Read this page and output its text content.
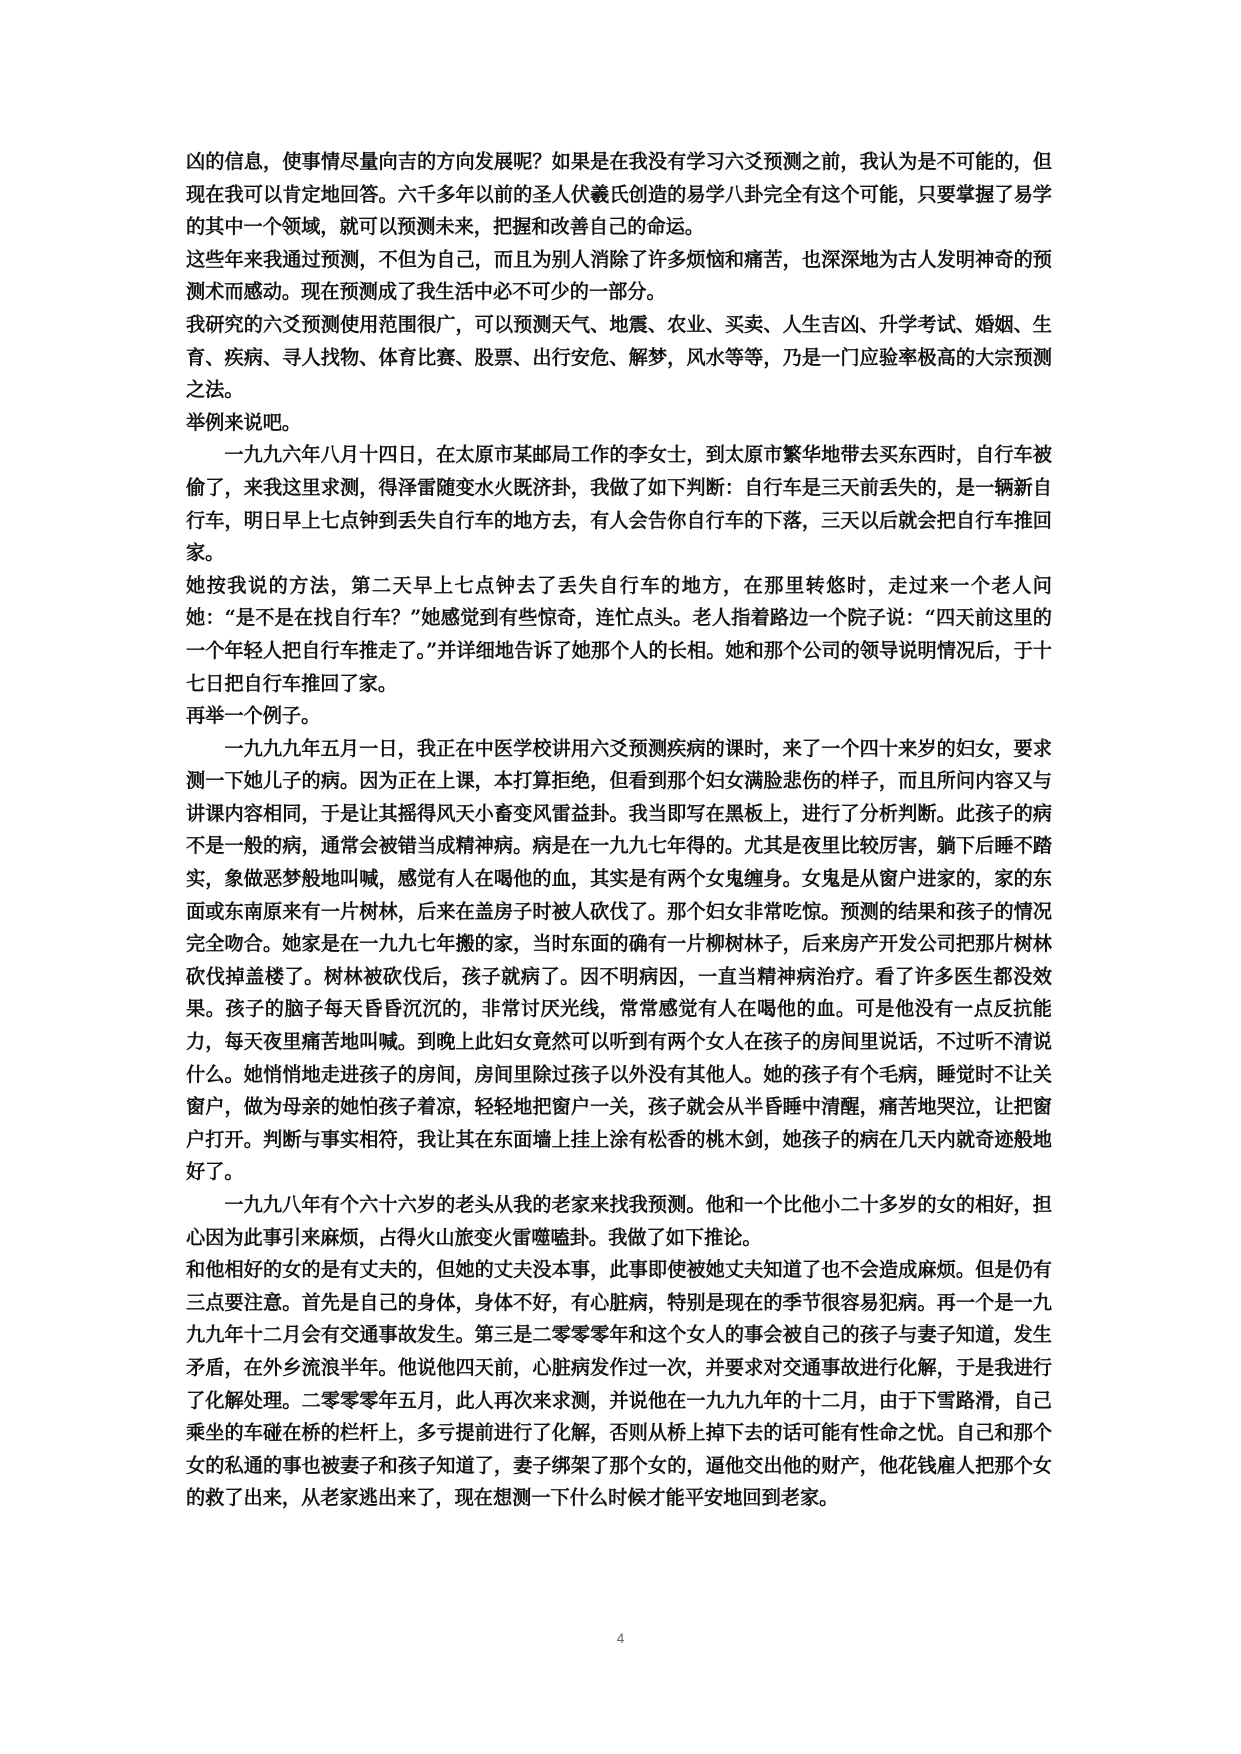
凶的信息，使事情尽量向吉的方向发展呢？如果是在我没有学习六爻预测之前，我认为是不可能的，但现在我可以肯定地回答。六千多年以前的圣人伏羲氏创造的易学八卦完全有这个可能，只要掌握了易学的其中一个领域，就可以预测未来，把握和改善自己的命运。

这些年来我通过预测，不但为自己，而且为别人消除了许多烦恼和痛苦，也深深地为古人发明神奇的预测术而感动。现在预测成了我生活中必不可少的一部分。

我研究的六爻预测使用范围很广，可以预测天气、地震、农业、买卖、人生吉凶、升学考试、婚姻、生育、疾病、寻人找物、体育比赛、股票、出行安危、解梦，风水等等，乃是一门应验率极高的大宗预测之法。

举例来说吧。

一九九六年八月十四日，在太原市某邮局工作的李女士，到太原市繁华地带去买东西时，自行车被偷了，来我这里求测，得泽雷随变水火既济卦，我做了如下判断：自行车是三天前丢失的，是一辆新自行车，明日早上七点钟到丢失自行车的地方去，有人会告你自行车的下落，三天以后就会把自行车推回家。

她按我说的方法，第二天早上七点钟去了丢失自行车的地方，在那里转悠时，走过来一个老人问她：“是不是在找自行车？”她感觉到有些惊奇，连忙点头。老人指着路边一个院子说：“四天前这里的一个年轻人把自行车推走了。”并详细地告诉了她那个人的长相。她和那个公司的领导说明情况后，于十七日把自行车推回了家。

再举一个例子。

一九九九年五月一日，我正在中医学校讲用六爻预测疾病的课时，来了一个四十来岁的妇女，要求测一下她儿子的病。因为正在上课，本打算拒绝，但看到那个妇女满脸悲伤的样子，而且所问内容又与讲课内容相同，于是让其摇得风天小畜变风雷益卦。我当即写在黑板上，进行了分析判断。此孩子的病不是一般的病，通常会被错当成精神病。病是在一九九七年得的。尤其是夜里比较厉害，躺下后睡不踏实，象做恶梦般地叫喊，感觉有人在喝他的血，其实是有两个女鬼缠身。女鬼是从窗户进家的，家的东面或东南原来有一片树林，后来在盖房子时被人砍伐了。那个妇女非常吃惊。预测的结果和孩子的情况完全吻合。她家是在一九九七年搬的家，当时东面的确有一片柳树林子，后来房产开发公司把那片树林砍伐掉盖楼了。树林被砍伐后，孩子就病了。因不明病因，一直当精神病治疗。看了许多医生都没效果。孩子的脑子每天昏昏沉沉的，非常讨厌光线，常常感觉有人在喝他的血。可是他没有一点反抗能力，每天夜里痛苦地叫喊。到晚上此妇女竟然可以听到有两个女人在孩子的房间里说话，不过听不清说什么。她悄悄地走进孩子的房间，房间里除过孩子以外没有其他人。她的孩子有个毛病，睡觉时不让关窗户，做为母亲的她怕孩子着凉，轻轻地把窗户一关，孩子就会从半昏睡中清醒，痛苦地哭泣，让把窗户打开。判断与事实相符，我让其在东面墙上挂上涂有松香的桃木剑，她孩子的病在几天内就奇迹般地好了。

一九九八年有个六十六岁的老头从我的老家来找我预测。他和一个比他小二十多岁的女的相好，担心因为此事引来麻烦，占得火山旅变火雷噬嗑卦。我做了如下推论。

和他相好的女的是有丈夫的，但她的丈夫没本事，此事即使被她丈夫知道了也不会造成麻烦。但是仍有三点要注意。首先是自己的身体，身体不好，有心脏病，特别是现在的季节很容易犯病。再一个是一九九九年十二月会有交通事故发生。第三是二零零零年和这个女人的事会被自己的孩子与妻子知道，发生矛盾，在外乡流浪半年。他说他四天前，心脏病发作过一次，并要求对交通事故进行化解，于是我进行了化解处理。二零零零年五月，此人再次来求测，并说他在一九九九年的十二月，由于下雪路滑，自己乘坐的车碰在桥的栏杆上，多亏提前进行了化解，否则从桥上掉下去的话可能有性命之忧。自己和那个女的私通的事也被妻子和孩子知道了，妻子绑架了那个女的，逼他交出他的财产，他花钱雇人把那个女的救了出来，从老家逃出来了，现在想测一下什么时候才能平安地回到老家。

4
